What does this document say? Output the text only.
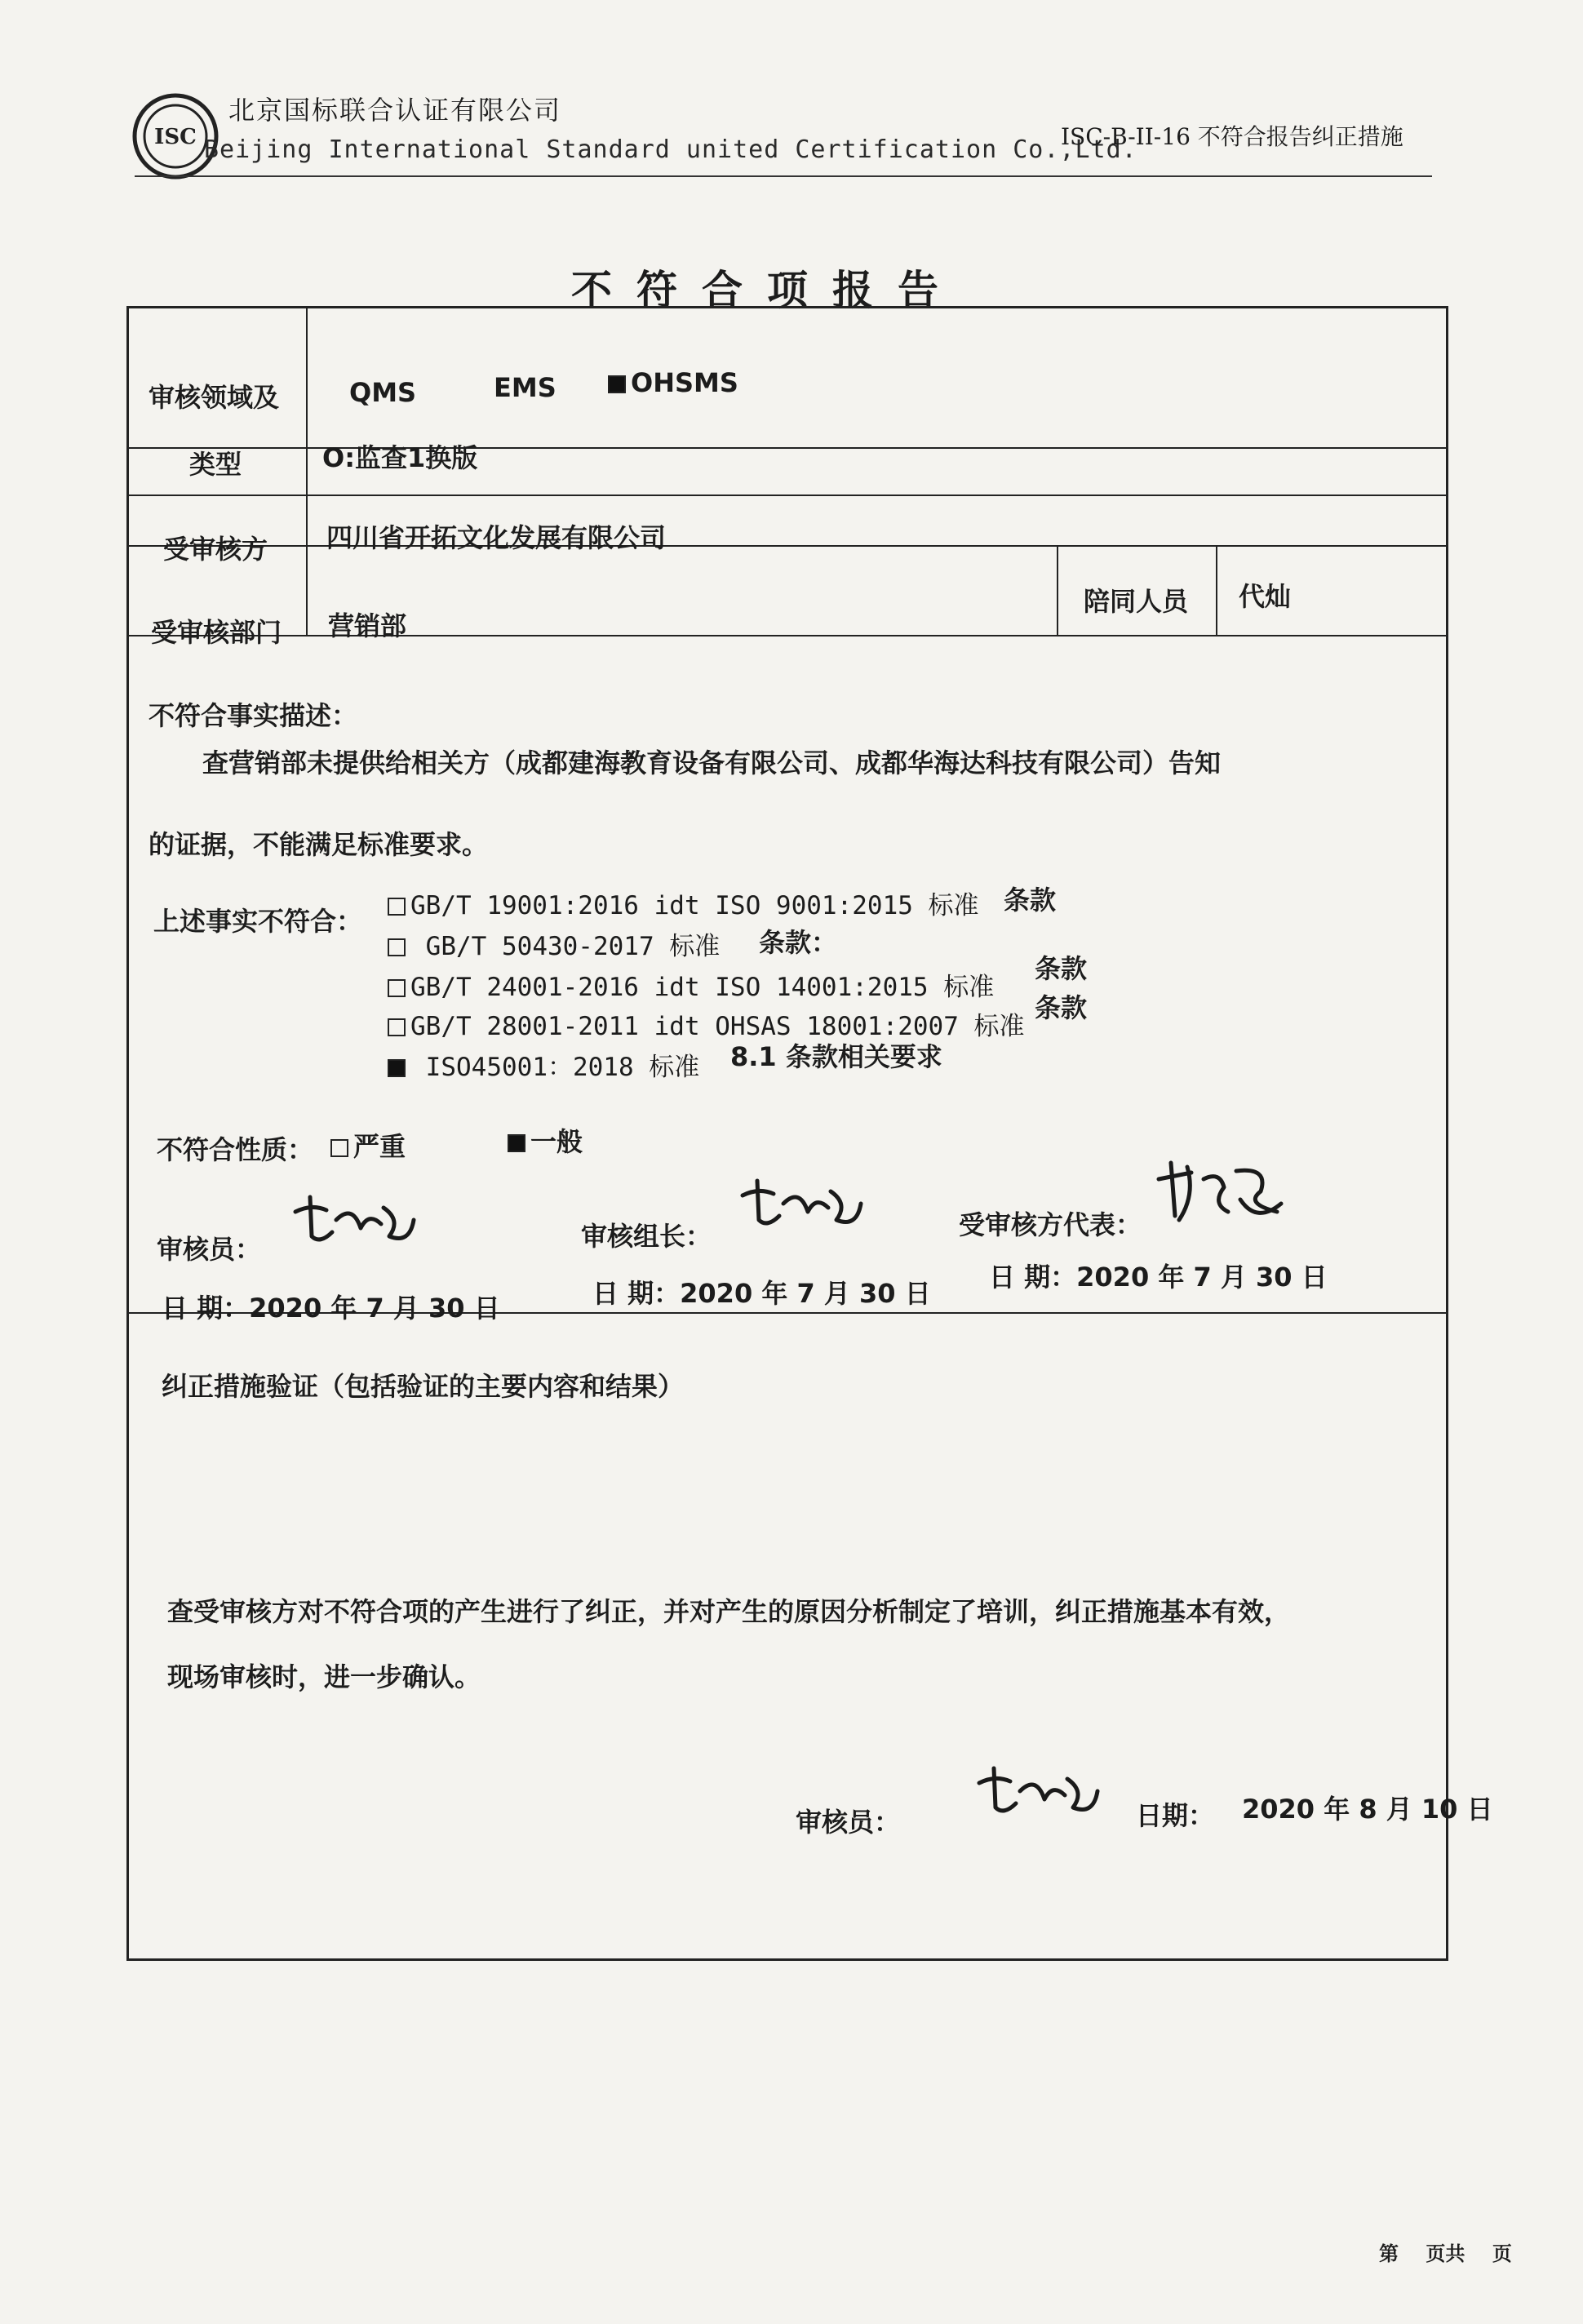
ISC
北京国标联合认证有限公司
Beijing International Standard united Certification Co.,Ltd.
ISC-B-II-16 不符合报告纠正措施
不符合项报告
审核领域及
类型
QMS	EMS	OHSMS
O:监查1换版
受审核方 四川省开拓文化发展有限公司
受审核部门 营销部
陪同人员 代灿
不符合事实描述：
查营销部未提供给相关方（成都建海教育设备有限公司、成都华海达科技有限公司）告知
的证据，不能满足标准要求。
上述事实不符合：	GB/T 19001:2016 idt ISO 9001:2015 标准 条款
GB/T 50430-2017 标准 条款：
GB/T 24001-2016 idt ISO 14001:2015 标准
条款
GB/T 28001-2011 idt OHSAS 18001:2007 标准
条款
ISO45001：2018 标准 8.1 条款相关要求
不符合性质：	严重	一般
审核员：	审核组长：	受审核方代表：
日 期：2020 年 7 月 30 日	日 期：2020 年 7 月 30 日
日 期：2020 年 7 月 30 日
纠正措施验证（包括验证的主要内容和结果）
查受审核方对不符合项的产生进行了纠正，并对产生的原因分析制定了培训，纠正措施基本有效，
现场审核时，进一步确认。
审核员：	日期： 2020 年 8 月 10 日
第    页共    页
